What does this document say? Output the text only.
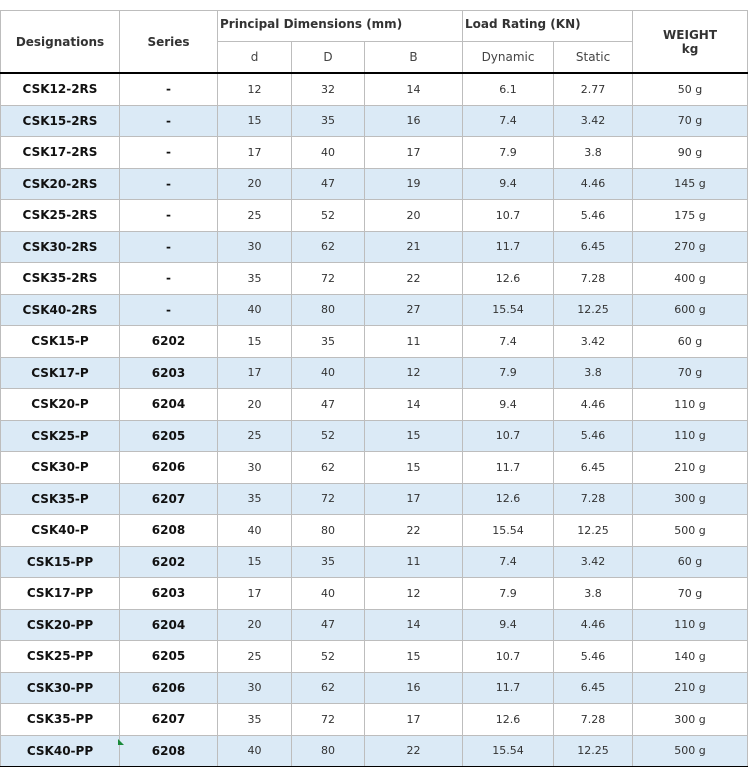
Designations	Series	Principal Dimensions (mm)			Load Rating (KN)		WEIGHT
kg

		d	D	B	Dynamic	Static	
CSK12-2RS	-	12	32	14	6.1	2.77	50 g
CSK15-2RS	-	15	35	16	7.4	3.42	70 g
CSK17-2RS	-	17	40	17	7.9	3.8	90 g
CSK20-2RS	-	20	47	19	9.4	4.46	145 g
CSK25-2RS	-	25	52	20	10.7	5.46	175 g
CSK30-2RS	-	30	62	21	11.7	6.45	270 g
CSK35-2RS	-	35	72	22	12.6	7.28	400 g
CSK40-2RS	-	40	80	27	15.54	12.25	600 g
CSK15-P	6202	15	35	11	7.4	3.42	60 g
CSK17-P	6203	17	40	12	7.9	3.8	70 g
CSK20-P	6204	20	47	14	9.4	4.46	110 g
CSK25-P	6205	25	52	15	10.7	5.46	110 g
CSK30-P	6206	30	62	15	11.7	6.45	210 g
CSK35-P	6207	35	72	17	12.6	7.28	300 g
CSK40-P	6208	40	80	22	15.54	12.25	500 g
CSK15-PP	6202	15	35	11	7.4	3.42	60 g
CSK17-PP	6203	17	40	12	7.9	3.8	70 g
CSK20-PP	6204	20	47	14	9.4	4.46	110 g
CSK25-PP	6205	25	52	15	10.7	5.46	140 g
CSK30-PP	6206	30	62	16	11.7	6.45	210 g
CSK35-PP	6207	35	72	17	12.6	7.28	300 g
CSK40-PP	6208	40	80	22	15.54	12.25	500 g
